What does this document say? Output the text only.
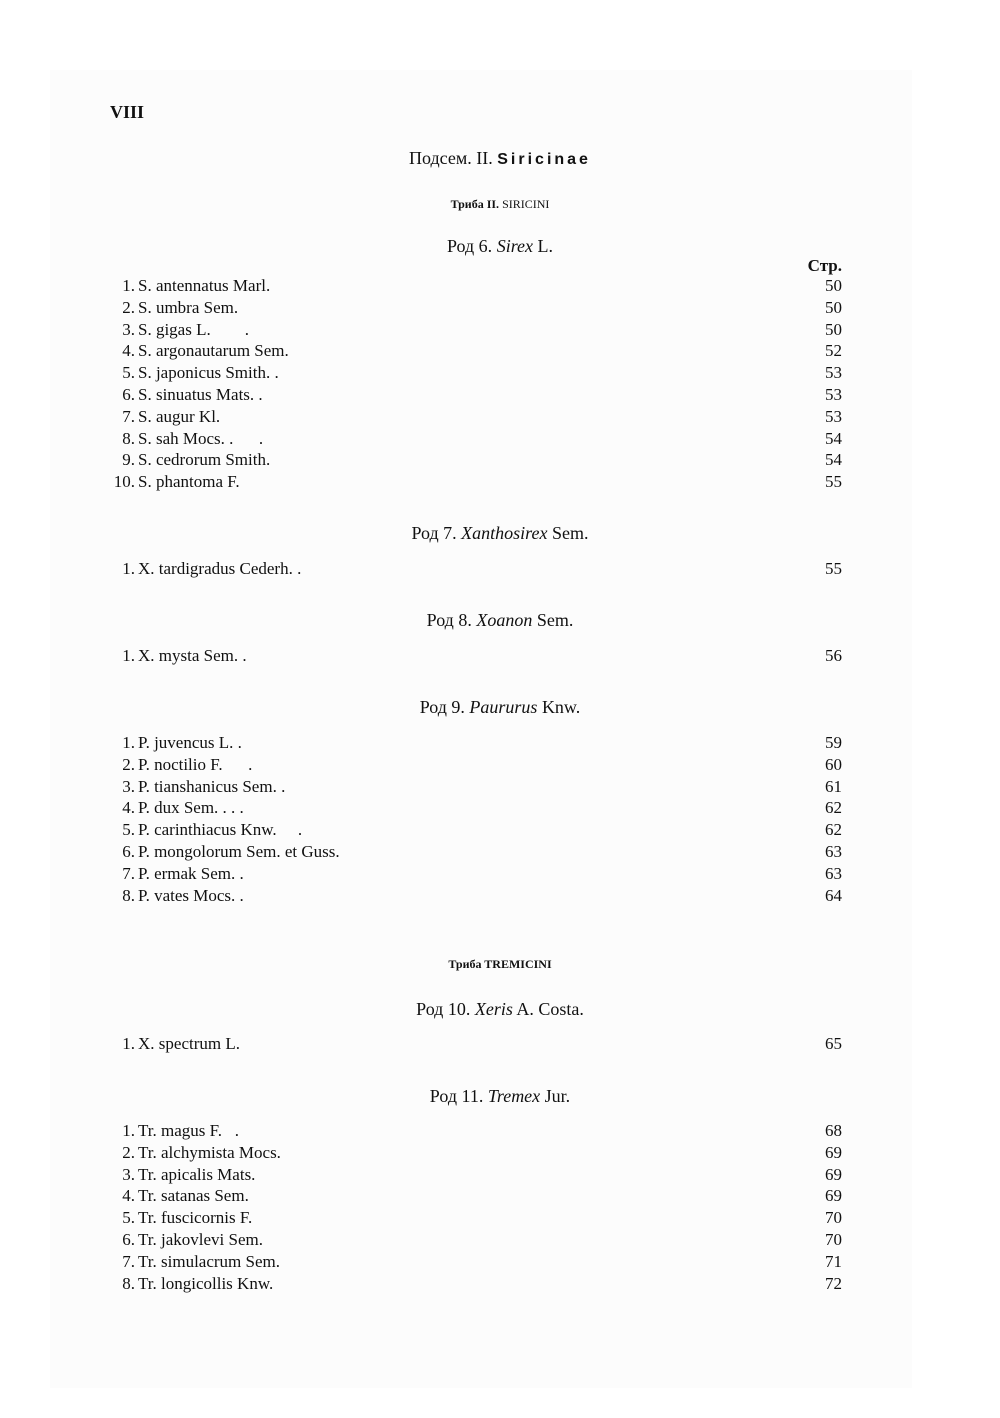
VIII
Подсем. II. Siricinae
Трибa II. SIRICINI
Род 6. Sirex L.
Стр.
Род 7. Xanthosirex Sem.
Род 8. Xoanon Sem.
Род 9. Paururus Knw.
Трибa TREMICINI
Род 10. Xeris A. Costa.
Род 11. Tremex Jur.
1. S. antennatus Marl.	50
2. S. umbra Sem.	50
3. S. gigas L.        .	50
4. S. argonautarum Sem.	52
5. S. japonicus Smith. .	53
6. S. sinuatus Mats. .	53
7. S. augur Kl.	53
8. S. sah Mocs. .      .	54
9. S. cedrorum Smith.	54
10. S. phantoma F.	55
1. X. tardigradus Cederh. .	55
1. X. mysta Sem. .	56
1. P. juvencus L. .	59
2. P. noctilio F.      .	60
3. P. tianshanicus Sem. .	61
4. P. dux Sem. . . .	62
5. P. carinthiacus Knw.     .	62
6. P. mongolorum Sem. et Guss.	63
7. P. ermak Sem. .	63
8. P. vates Mocs. .	64
1. X. spectrum L.	65
1. Tr. magus F.   .	68
2. Tr. alchymista Mocs.	69
3. Tr. apicalis Mats.	69
4. Tr. satanas Sem.	69
5. Tr. fuscicornis F.	70
6. Tr. jakovlevi Sem.	70
7. Tr. simulacrum Sem.	71
8. Tr. longicollis Knw.	72
